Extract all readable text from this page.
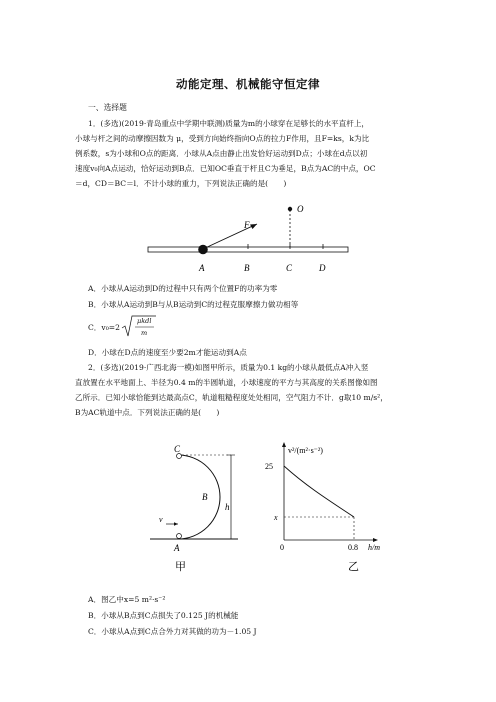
动能定理、机械能守恒定律
一、选择题
1．(多选)(2019·青岛重点中学期中联测)质量为m的小球穿在足够长的水平直杆上，
小球与杆之间的动摩擦因数为 μ，受到方向始终指向O点的拉力F作用，且F=ks，k为比
例系数，s为小球和O点的距离．小球从A点由静止出发恰好运动到D点；小球在d点以初
速度v₀向A点运动，恰好运动到B点．已知OC垂直于杆且C为垂足，B点为AC的中点，OC
＝d，CD＝BC＝l．不计小球的重力，下列说法正确的是(　　)
O
F
A	B	C	D
A．小球从A运动到D的过程中只有两个位置F的功率为零
B．小球从A运动到B与从B运动到C的过程克服摩擦力做功相等
C．v₀=2
μkdl
m
D．小球在D点的速度至少要2m才能运动到A点
2．(多选)(2019·广西北海一模)如图甲所示，质量为0.1 kg的小球从最低点A冲入竖
直放置在水平地面上、半径为0.4 m的半圆轨道，小球速度的平方与其高度的关系图像如图
乙所示．已知小球恰能到达最高点C，轨道粗糙程度处处相同，空气阻力不计．g取10 m/s²，
B为AC轨道中点．下列说法正确的是(　　)
C
B
h
v
A
甲
v²/(m²·s⁻²)
25
x
0	0.8 h/m
乙
A．图乙中x=5 m²·s⁻²
B．小球从B点到C点损失了0.125 J的机械能
C．小球从A点到C点合外力对其做的功为－1.05 J
